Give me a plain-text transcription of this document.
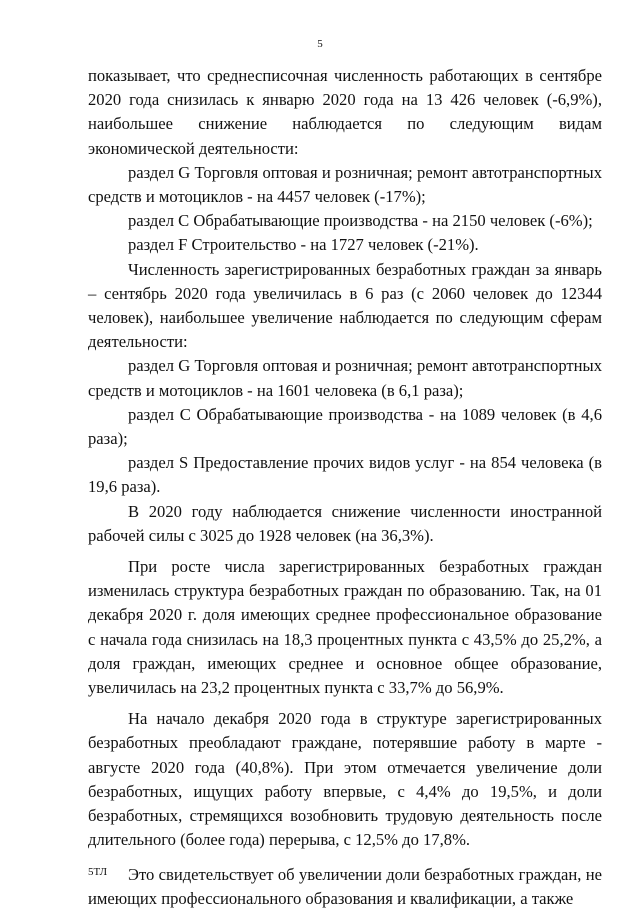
5

показывает, что среднесписочная численность работающих в сентябре 2020 года снизилась к январю 2020 года на 13 426 человек (-6,9%), наибольшее снижение наблюдается по следующим видам экономической деятельности:

раздел G Торговля оптовая и розничная; ремонт автотранспортных средств и мотоциклов - на 4457 человек (-17%);

раздел С Обрабатывающие производства - на 2150 человек (-6%);

раздел F Строительство - на 1727 человек (-21%).

Численность зарегистрированных безработных граждан за январь – сентябрь 2020 года увеличилась в 6 раз (с 2060 человек до 12344 человек), наибольшее увеличение наблюдается по следующим сферам деятельности:

раздел G Торговля оптовая и розничная; ремонт автотранспортных средств и мотоциклов - на 1601 человека (в 6,1 раза);

раздел С Обрабатывающие производства - на 1089 человек (в 4,6 раза);

раздел S Предоставление прочих видов услуг - на 854 человека (в 19,6 раза).

В 2020 году наблюдается снижение численности иностранной рабочей силы с 3025 до 1928 человек (на 36,3%).

При росте числа зарегистрированных безработных граждан изменилась структура безработных граждан по образованию. Так, на 01 декабря 2020 г. доля имеющих среднее профессиональное образование с начала года снизилась на 18,3 процентных пункта с 43,5% до 25,2%, а доля граждан, имеющих среднее и основное общее образование, увеличилась на 23,2 процентных пункта с 33,7% до 56,9%.

На начало декабря 2020 года в структуре зарегистрированных безработных преобладают граждане, потерявшие работу в марте - августе 2020 года (40,8%). При этом отмечается увеличение доли безработных, ищущих работу впервые, с 4,4% до 19,5%, и доли безработных, стремящихся возобновить трудовую деятельность после длительного (более года) перерыва, с 12,5% до 17,8%.

Это свидетельствует об увеличении доли безработных граждан, не имеющих профессионального образования и квалификации, а также

5ТЛ
